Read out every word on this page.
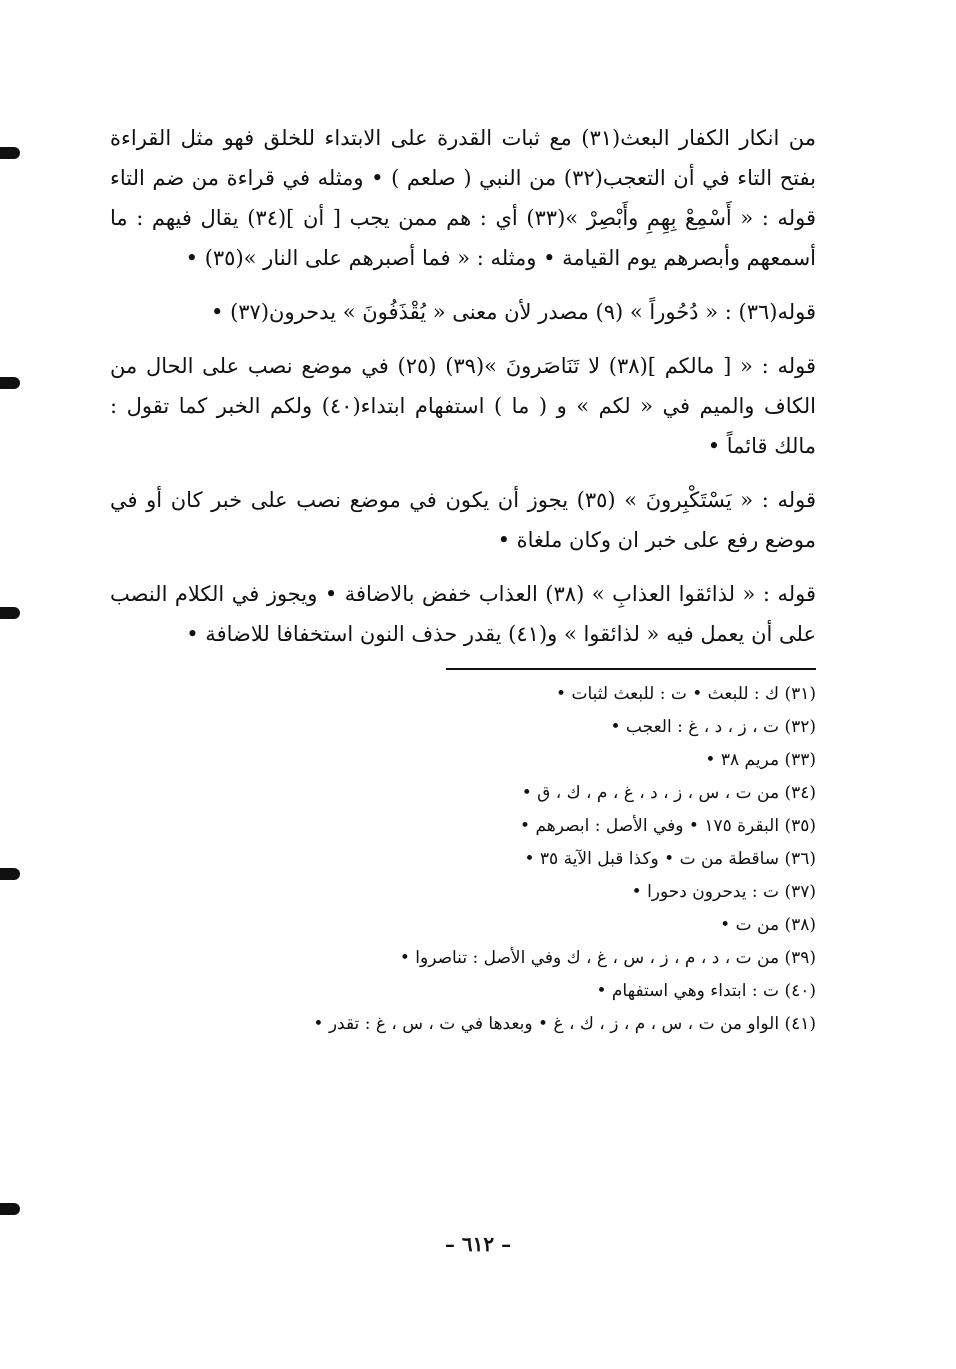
من انكار الكفار البعث(٣١) مع ثبات القدرة على الابتداء للخلق فهو مثل القراءة بفتح التاء في أن التعجب(٣٢) من النبي ( صلعم ) • ومثله في قراءة من ضم التاء قوله : « أَسْمِعْ بِهِمِ وأَبْصِرْ »(٣٣) أي : هم ممن يجب [ أن ](٣٤) يقال فيهم : ما أسمعهم وأبصرهم يوم القيامة • ومثله : « فما أصبرهم على النار »(٣٥) •

قوله(٣٦) : « دُحُوراً » (٩) مصدر لأن معنى « يُقْذَفُونَ » يدحرون(٣٧) •

قوله : « [ مالكم ](٣٨) لا تَنَاصَرونَ »(٣٩) (٢٥) في موضع نصب على الحال من الكاف والميم في « لكم » و ( ما ) استفهام ابتداء(٤٠) ولكم الخبر كما تقول : مالك قائماً •

قوله : « يَسْتَكْبِرونَ » (٣٥) يجوز أن يكون في موضع نصب على خبر كان أو في موضع رفع على خبر ان وكان ملغاة •

قوله : « لذائقوا العذابِ » (٣٨) العذاب خفض بالاضافة • ويجوز في الكلام النصب على أن يعمل فيه « لذائقوا » و(٤١) يقدر حذف النون استخفافا للاضافة •

(٣١) ك : للبعث • ت : للبعث لثبات •
(٣٢) ت ، ز ، د ، غ : العجب •
(٣٣) مريم ٣٨ •
(٣٤) من ت ، س ، ز ، د ، غ ، م ، ك ، ق •
(٣٥) البقرة ١٧٥ • وفي الأصل : ابصرهم •
(٣٦) ساقطة من ت • وكذا قبل الآية ٣٥ •
(٣٧) ت : يدحرون دحورا •
(٣٨) من ت •
(٣٩) من ت ، د ، م ، ز ، س ، غ ، ك وفي الأصل : تناصروا •
(٤٠) ت : ابتداء وهي استفهام •
(٤١) الواو من ت ، س ، م ، ز ، ك ، غ • وبعدها في ت ، س ، غ : تقدر •
– ٦١٢ –
